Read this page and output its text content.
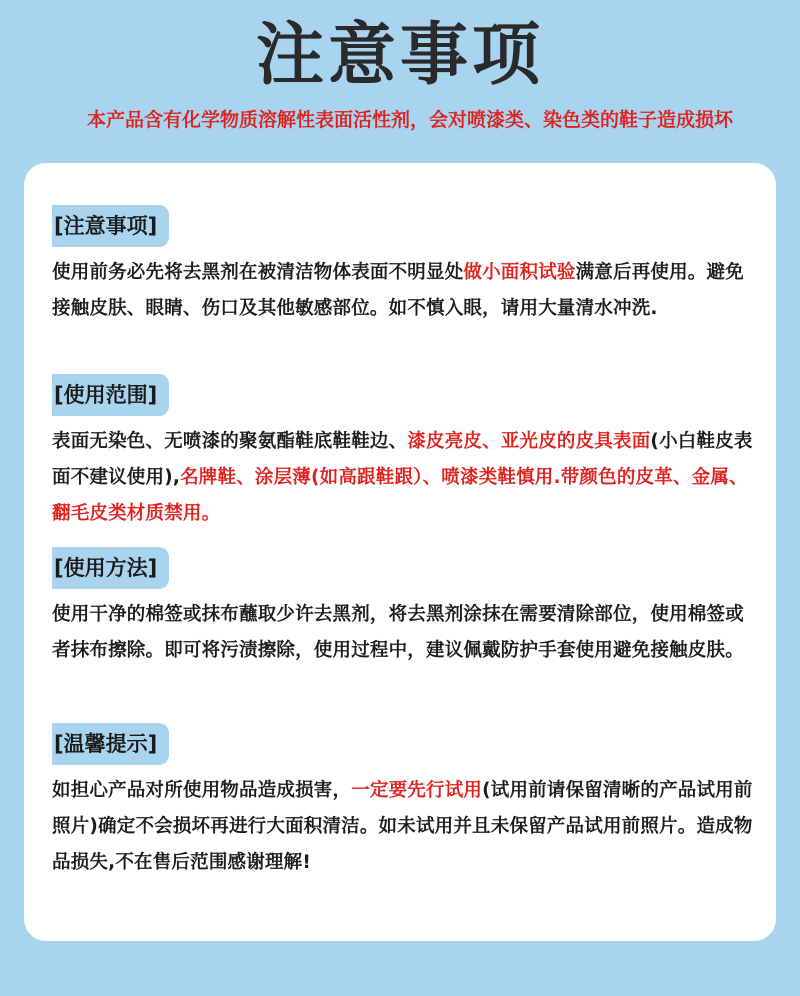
注意事项
本产品含有化学物质溶解性表面活性剂，会对喷漆类、染色类的鞋子造成损坏
[注意事项]
使用前务必先将去黑剂在被清洁物体表面不明显处做小面积试验满意后再使用。避免接触皮肤、眼睛、伤口及其他敏感部位。如不慎入眼，请用大量清水冲洗.
[使用范围]
表面无染色、无喷漆的聚氨酯鞋底鞋鞋边、漆皮亮皮、亚光皮的皮具表面(小白鞋皮表面不建议使用),名牌鞋、涂层薄(如高跟鞋跟）、喷漆类鞋慎用.带颜色的皮革、金属、翻毛皮类材质禁用。
[使用方法]
使用干净的棉签或抹布蘸取少许去黑剂，将去黑剂涂抹在需要清除部位，使用棉签或者抹布擦除。即可将污渍擦除，使用过程中，建议佩戴防护手套使用避免接触皮肤。
[温馨提示]
如担心产品对所使用物品造成损害，一定要先行试用(试用前请保留清晰的产品试用前照片)确定不会损坏再进行大面积清洁。如未试用并且未保留产品试用前照片。造成物品损失,不在售后范围感谢理解!
